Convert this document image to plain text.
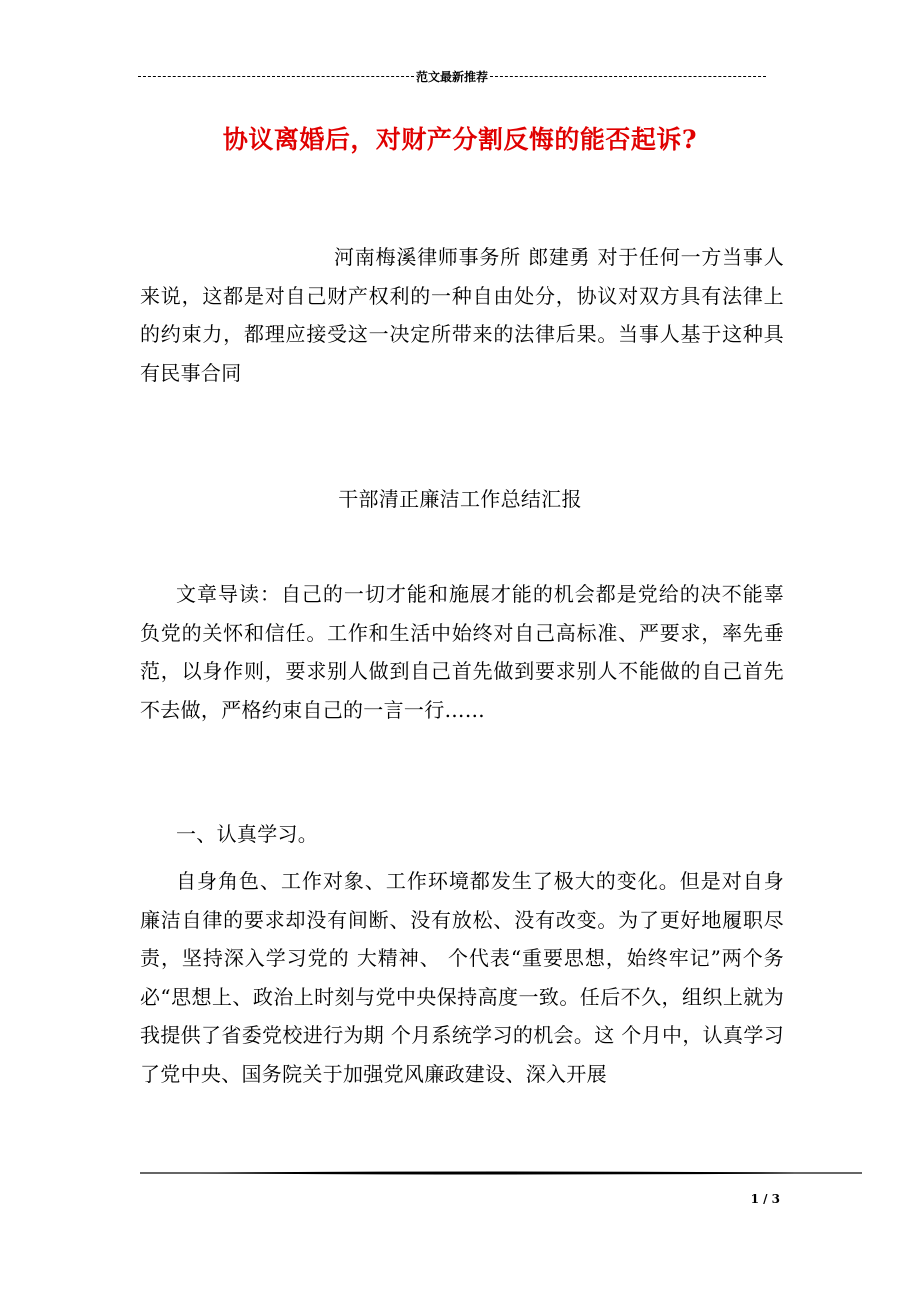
范文最新推荐
协议离婚后，对财产分割反悔的能否起诉?
河南梅溪律师事务所 郎建勇 对于任何一方当事人来说，这都是对自己财产权利的一种自由处分，协议对双方具有法律上的约束力，都理应接受这一决定所带来的法律后果。当事人基于这种具有民事合同
干部清正廉洁工作总结汇报
文章导读：自己的一切才能和施展才能的机会都是党给的决不能辜负党的关怀和信任。工作和生活中始终对自己高标准、严要求，率先垂范，以身作则，要求别人做到自己首先做到要求别人不能做的自己首先不去做，严格约束自己的一言一行……
一、认真学习。
自身角色、工作对象、工作环境都发生了极大的变化。但是对自身廉洁自律的要求却没有间断、没有放松、没有改变。为了更好地履职尽责，坚持深入学习党的 大精神、 个代表“重要思想，始终牢记”两个务必“思想上、政治上时刻与党中央保持高度一致。任后不久，组织上就为我提供了省委党校进行为期 个月系统学习的机会。这 个月中，认真学习了党中央、国务院关于加强党风廉政建设、深入开展
1 / 3
